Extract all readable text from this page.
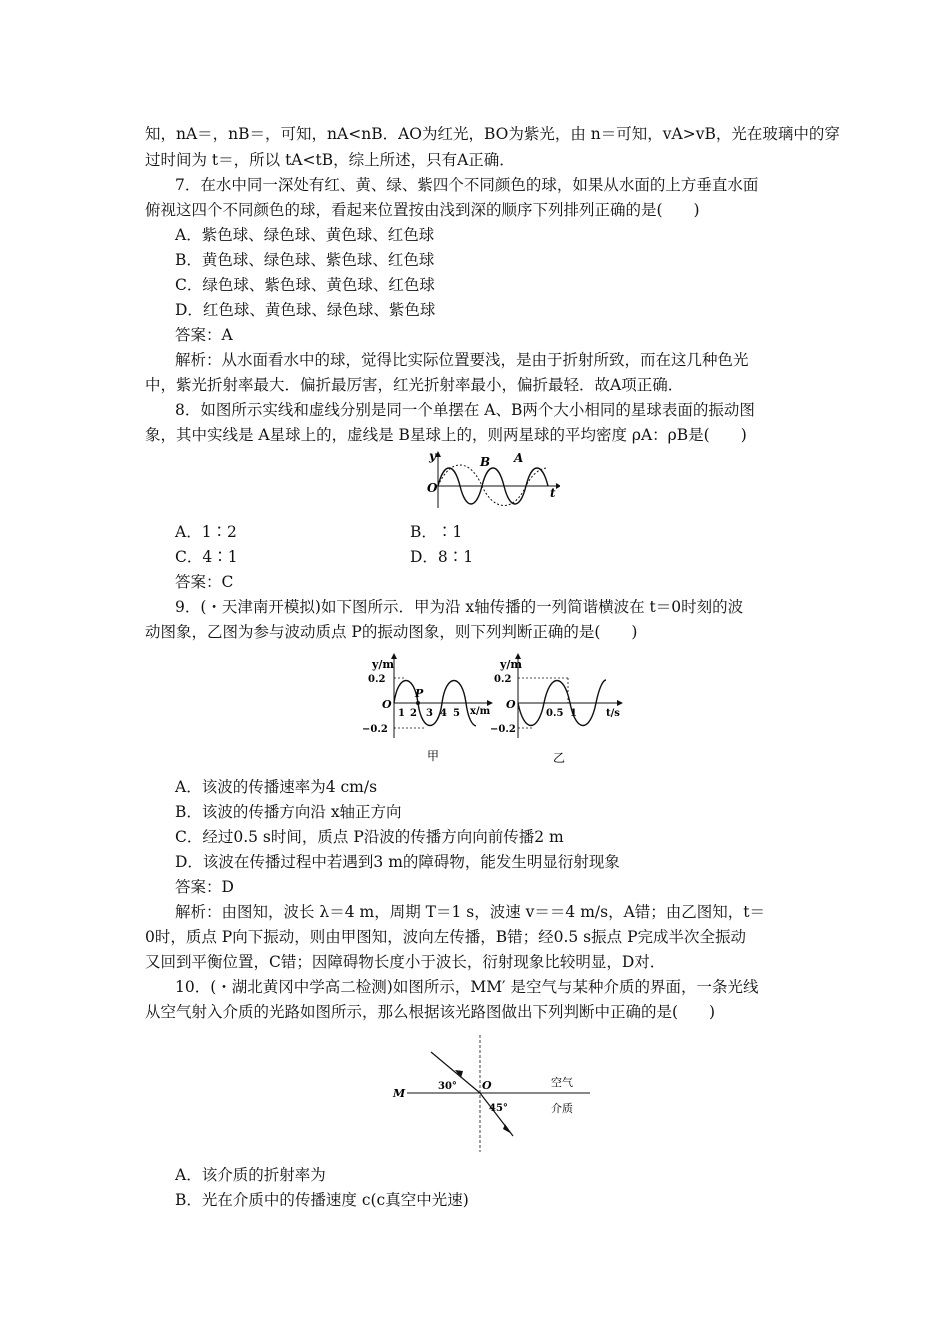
知，nA＝，nB＝，可知，nA<nB．AO为红光，BO为紫光，由 n＝可知，vA>vB，光在玻璃中的穿
过时间为 t＝，所以 tA<tB，综上所述，只有A正确．
7．在水中同一深处有红、黄、绿、紫四个不同颜色的球，如果从水面的上方垂直水面
俯视这四个不同颜色的球，看起来位置按由浅到深的顺序下列排列正确的是(　　)
A．紫色球、绿色球、黄色球、红色球
B．黄色球、绿色球、紫色球、红色球
C．绿色球、紫色球、黄色球、红色球
D．红色球、黄色球、绿色球、紫色球
答案：A
解析：从水面看水中的球，觉得比实际位置要浅，是由于折射所致，而在这几种色光
中，紫光折射率最大．偏折最厉害，红光折射率最小，偏折最轻．故A项正确．
8．如图所示实线和虚线分别是同一个单摆在 A、B两个大小相同的星球表面的振动图
象，其中实线是 A星球上的，虚线是 B星球上的，则两星球的平均密度 ρA：ρB是(　　)
y
t
O
B A
A．1∶2	B．∶1
C．4∶1	D．8∶1
答案：C
9．(・天津南开模拟)如下图所示．甲为沿 x轴传播的一列简谐横波在 t＝0时刻的波
动图象，乙图为参与波动质点 P的振动图象，则下列判断正确的是(　　)
y/m
0.2
−0.2
O
P
1 2 3 4 5 x/m
甲
y/m
0.2
−0.2
O
0.5 1	t/s
乙
A．该波的传播速率为4 cm/s
B．该波的传播方向沿 x轴正方向
C．经过0.5 s时间，质点 P沿波的传播方向向前传播2 m
D．该波在传播过程中若遇到3 m的障碍物，能发生明显衍射现象
答案：D
解析：由图知，波长 λ＝4 m，周期 T＝1 s，波速 v＝＝4 m/s，A错；由乙图知，t＝
0时，质点 P向下振动，则由甲图知，波向左传播，B错；经0.5 s振点 P完成半次全振动
又回到平衡位置，C错；因障碍物长度小于波长，衍射现象比较明显，D对．
10．(・湖北黄冈中学高二检测)如图所示，MM′ 是空气与某种介质的界面，一条光线
从空气射入介质的光路如图所示，那么根据该光路图做出下列判断中正确的是(　　)
M
30° O
45°
空气
介质
A．该介质的折射率为
B．光在介质中的传播速度 c(c真空中光速)
